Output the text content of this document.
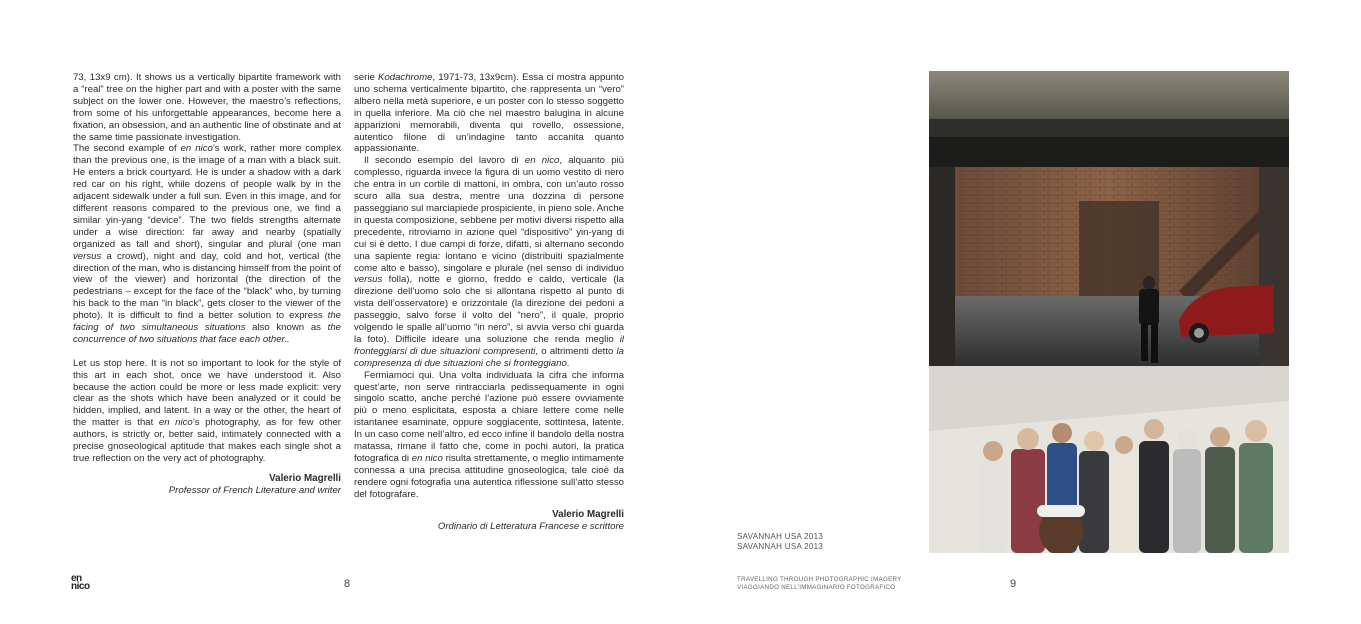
73, 13x9 cm). It shows us a vertically bipartite framework with a “real” tree on the higher part and with a poster with the same subject on the lower one. However, the maestro’s reflections, from some of his unforgettable appearances, become here a fixation, an obsession, and an authentic line of obstinate and at the same time passionate investigation.

The second example of en nico’s work, rather more complex than the previous one, is the image of a man with a black suit. He enters a brick courtyard. He is under a shadow with a dark red car on his right, while dozens of people walk by in the adjacent sidewalk under a full sun. Even in this image, and for different reasons compared to the previous one, we find a similar yin-yang “device”. The two fields strengths alternate under a wise direction: far away and nearby (spatially organized as tall and short), singular and plural (one man versus a crowd), night and day, cold and hot, vertical (the direction of the man, who is distancing himself from the point of view of the viewer) and horizontal (the direction of the pedestrians – except for the face of the “black” who, by turning his back to the man “in black”, gets closer to the viewer of the photo). It is difficult to find a better solution to express the facing of two simultaneous situations also known as the concurrence of two situations that face each other..

Let us stop here. It is not so important to look for the style of this art in each shot, once we have understood it. Also because the action could be more or less made explicit: very clear as the shots which have been analyzed or it could be hidden, implied, and latent. In a way or the other, the heart of the matter is that en nico’s photography, as for few other authors, is strictly or, better said, intimately connected with a precise gnoseological aptitude that makes each single shot a true reflection on the very act of photography.

Valerio Magrelli
Professor of French Literature and writer

serie Kodachrome, 1971-73, 13x9cm). Essa ci mostra appunto uno schema verticalmente bipartito, che rappresenta un “vero” albero nella metà superiore, e un poster con lo stesso soggetto in quella inferiore. Ma ciò che nel maestro balugina in alcune apparizioni memorabili, diventa qui rovello, ossessione, autentico filone di un’indagine tanto accanita quanto appassionante.

Il secondo esempio del lavoro di en nico, alquanto più complesso, riguarda invece la figura di un uomo vestito di nero che entra in un cortile di mattoni, in ombra, con un’auto rosso scuro alla sua destra, mentre una dozzina di persone passeggiano sul marciapiede prospiciente, in pieno sole. Anche in questa composizione, sebbene per motivi diversi rispetto alla precedente, ritroviamo in azione quel “dispositivo” yin-yang di cui si è detto. I due campi di forze, difatti, si alternano secondo una sapiente regia: lontano e vicino (distribuiti spazialmente come alto e basso), singolare e plurale (nel senso di individuo versus folla), notte e giorno, freddo e caldo, verticale (la direzione dell’uomo solo che si allontana rispetto al punto di vista dell’osservatore) e orizzontale (la direzione dei pedoni a passeggio, salvo forse il volto del “nero”, il quale, proprio volgendo le spalle all’uomo “in nero”, si avvia verso chi guarda la foto). Difficile ideare una soluzione che renda meglio il fronteggiarsi di due situazioni compresenti, o altrimenti detto la compresenza di due situazioni che si fronteggiano.

Fermiamoci qui. Una volta individuata la cifra che informa quest’arte, non serve rintracciarla pedissequamente in ogni singolo scatto, anche perché l’azione può essere ovviamente più o meno esplicitata, esposta a chiare lettere come nelle istantanee esaminate, oppure soggiacente, sottintesa, latente. In un caso come nell’altro, ed ecco infine il bandolo della nostra matassa, rimane il fatto che, come in pochi autori, la pratica fotografica di en nico risulta strettamente, o meglio intimamente connessa a una precisa attitudine gnoseologica, tale cioè da rendere ogni fotografia una autentica riflessione sull’atto stesso del fotografare.

Valerio Magrelli
Ordinario di Letteratura Francese e scrittore
en
nico	8
SAVANNAH USA 2013
SAVANNAH USA 2013
TRAVELLING THROUGH PHOTOGRAPHIC IMAGERY
VIAGGIANDO NELL’IMMAGINARIO FOTOGRAFICO	9
